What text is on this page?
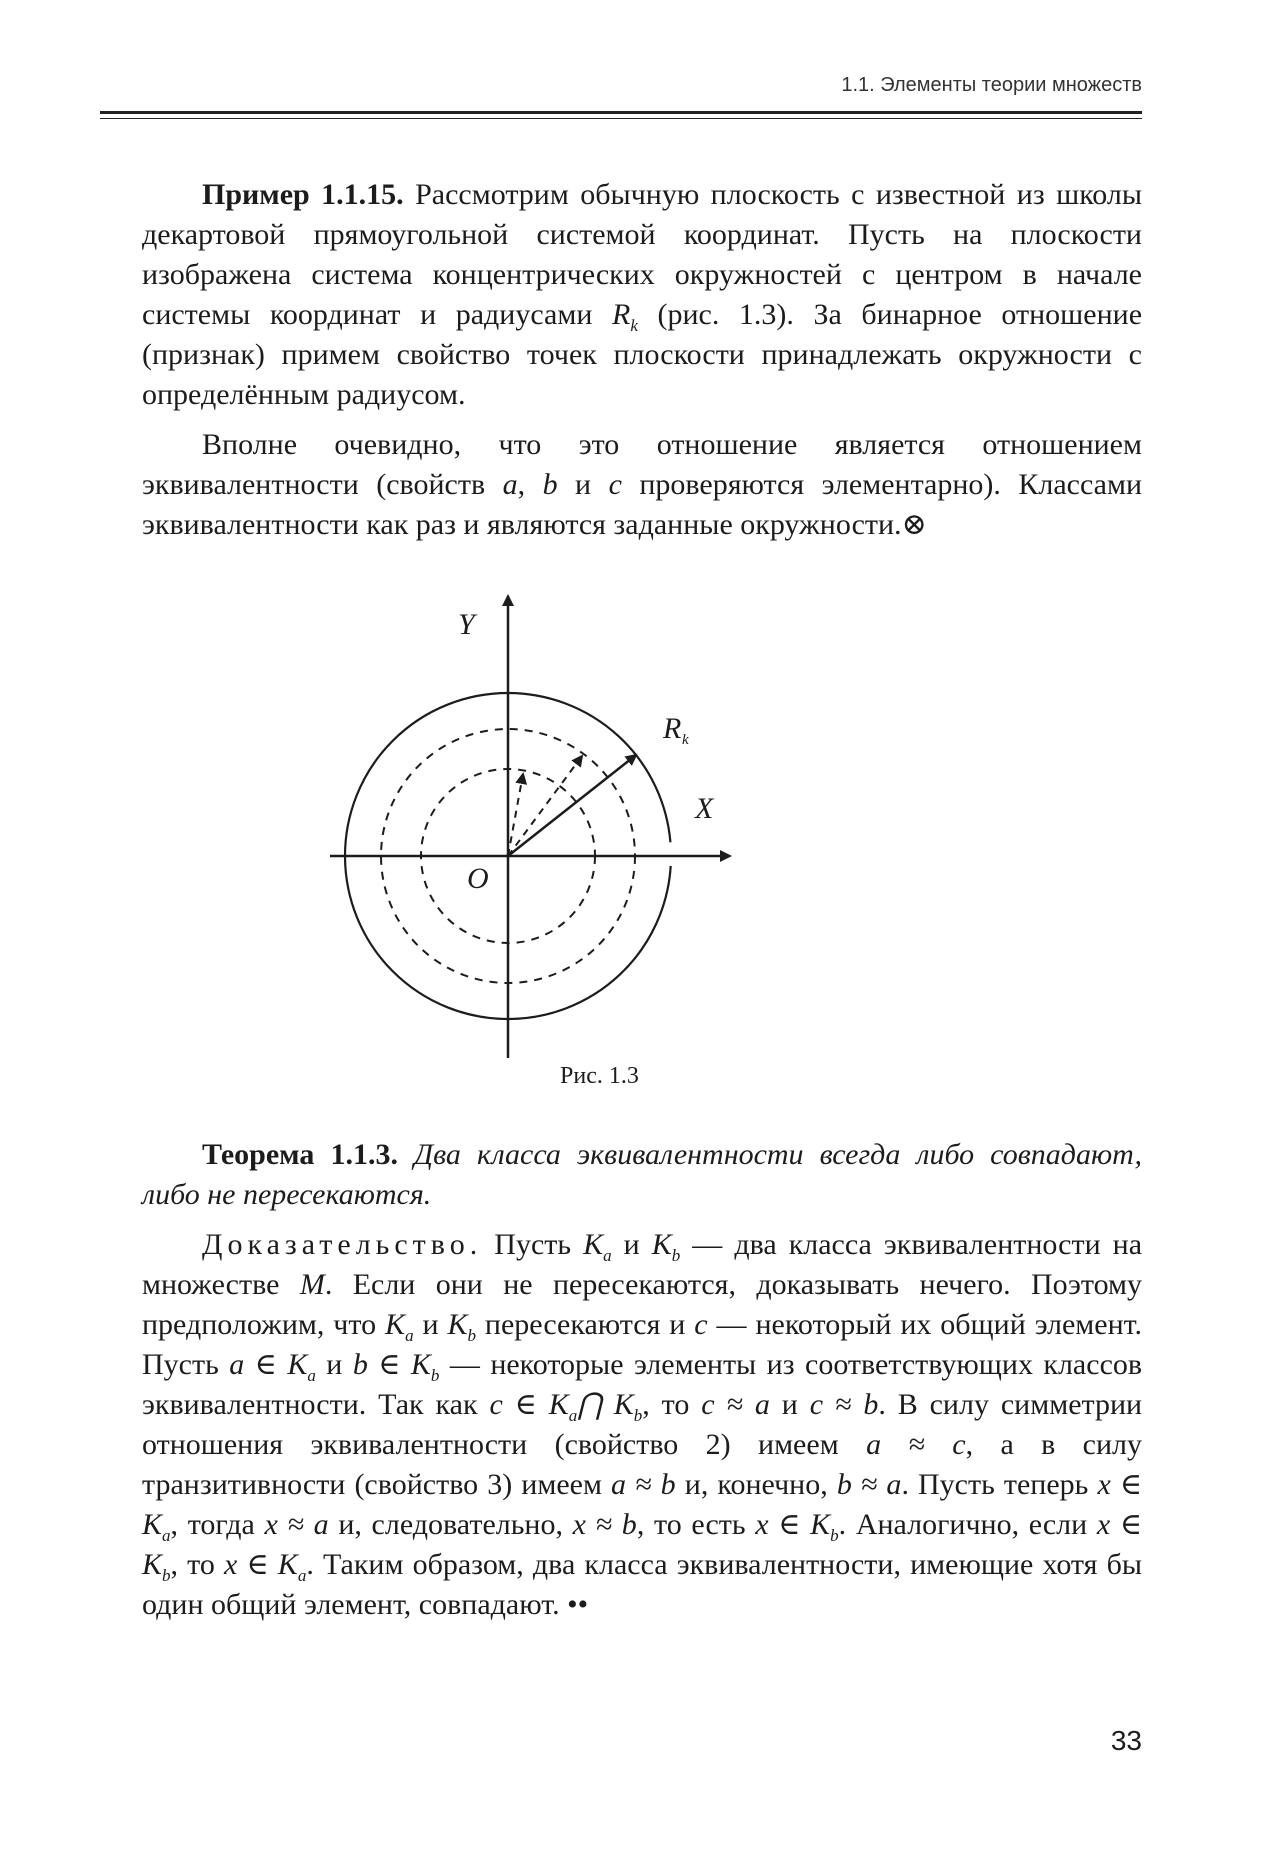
1.1. Элементы теории множеств

  Пример 1.1.15. Рассмотрим обычную плоскость с известной из школы декартовой прямоугольной системой координат. Пусть на плоскости изображена система концентрических окружностей с центром в начале системы координат и радиусами $R_k$ (рис. 1.3). За бинарное отношение (признак) примем свойство точек плоскости принадлежать окружности с определённым радиусом.

  Вполне очевидно, что это отношение является отношением эквивалентности (свойств a, b и c проверяются элементарно). Классами эквивалентности как раз и являются заданные окружности.⊗

Y
X
O
R k
Рис. 1.3

  Теорема 1.1.3. Два класса эквивалентности всегда либо совпадают, либо не пересекаются.

  Доказательство. Пусть $K_a$ и $K_b$ — два класса эквивалентности на множестве M. Если они не пересекаются, доказывать нечего. Поэтому предположим, что $K_a$ и $K_b$ пересекаются и c — некоторый их общий элемент. Пусть a ∈ $K_a$ и b ∈ $K_b$ — некоторые элементы из соответствующих классов эквивалентности. Так как c ∈ $K_a⋂$ $K_b$, то c ≈ a и c ≈ b. В силу симметрии отношения эквивалентности (свойство 2) имеем a ≈ c, а в силу транзитивности (свойство 3) имеем a ≈ b и, конечно, b ≈ a. Пусть теперь x ∈ $K_a$, тогда x ≈ a и, следовательно, x ≈ b, то есть x ∈ $K_b$. Аналогично, если x ∈ $K_b$, то x ∈ $K_a$. Таким образом, два класса эквивалентности, имеющие хотя бы один общий элемент, совпадают. ••

33
